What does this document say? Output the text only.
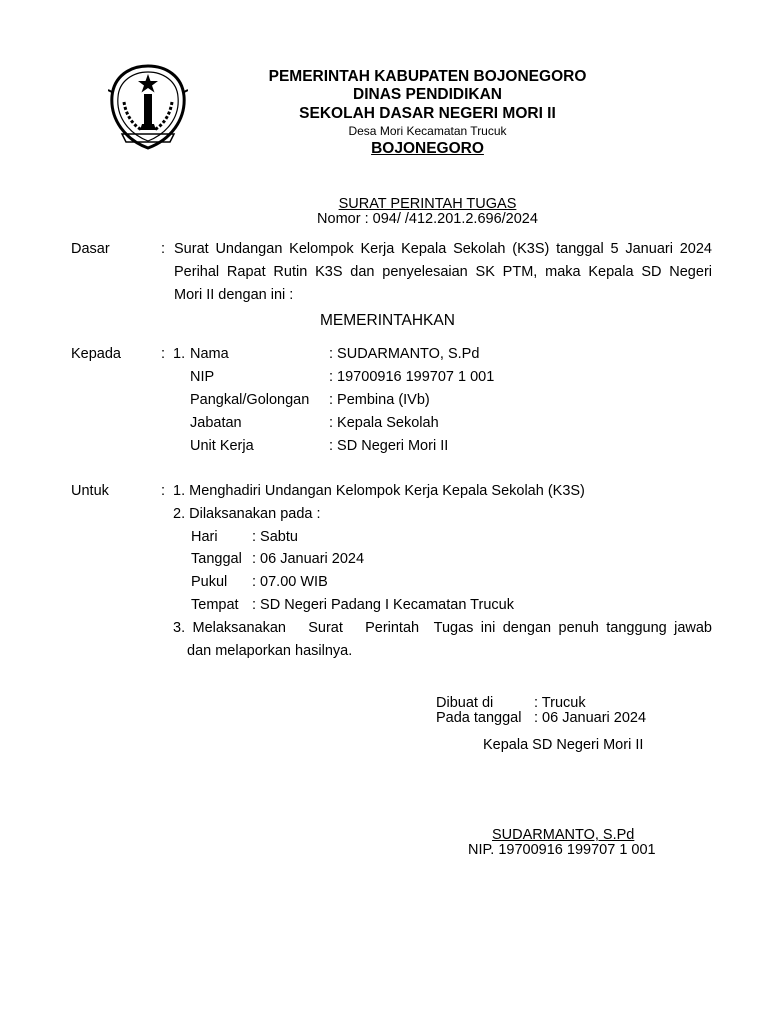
PEMERINTAH KABUPATEN BOJONEGORO
DINAS PENDIDIKAN
SEKOLAH DASAR NEGERI MORI II
Desa Mori Kecamatan Trucuk
BOJONEGORO
SURAT PERINTAH TUGAS
Nomor : 094/ /412.201.2.696/2024
Dasar	: Surat Undangan Kelompok Kerja Kepala Sekolah (K3S) tanggal 5 Januari 2024
Perihal Rapat Rutin K3S dan penyelesaian SK PTM, maka Kepala SD Negeri
Mori II dengan ini :
MEMERINTAHKAN
Kepada	: 1. Nama	: SUDARMANTO, S.Pd
NIP	: 19700916 199707 1 001
Pangkal/Golongan : Pembina (IVb)
Jabatan	: Kepala Sekolah
Unit Kerja	: SD Negeri Mori II
Untuk	: 1. Menghadiri Undangan Kelompok Kerja Kepala Sekolah (K3S)
2. Dilaksanakan pada :
Hari : Sabtu
Tanggal : 06 Januari 2024
Pukul : 07.00 WIB
Tempat : SD Negeri Padang I Kecamatan Trucuk
3. Melaksanakan   Surat   Perintah  Tugas ini dengan penuh tanggung jawab
dan melaporkan hasilnya.
Dibuat di	: Trucuk
Pada tanggal : 06 Januari 2024
Kepala SD Negeri Mori II
SUDARMANTO, S.Pd
NIP. 19700916 199707 1 001
